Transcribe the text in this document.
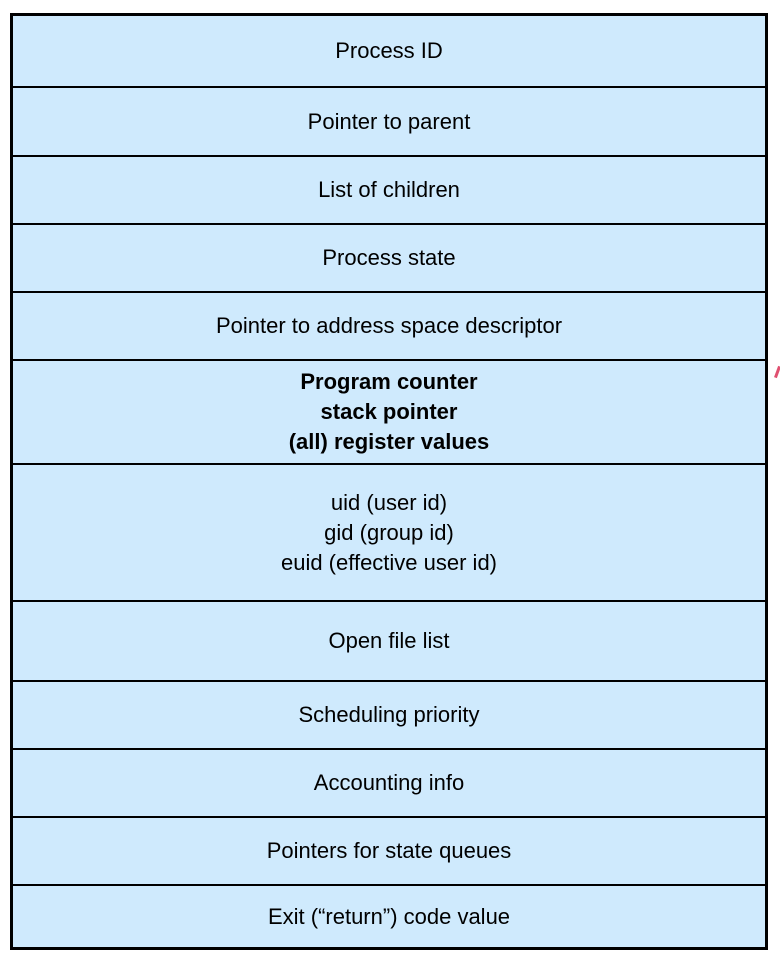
Process ID
Pointer to parent
List of children
Process state
Pointer to address space descriptor
Program counter
stack pointer
(all) register values
uid (user id)
gid (group id)
euid (effective user id)
Open file list
Scheduling priority
Accounting info
Pointers for state queues
Exit (“return”) code value
